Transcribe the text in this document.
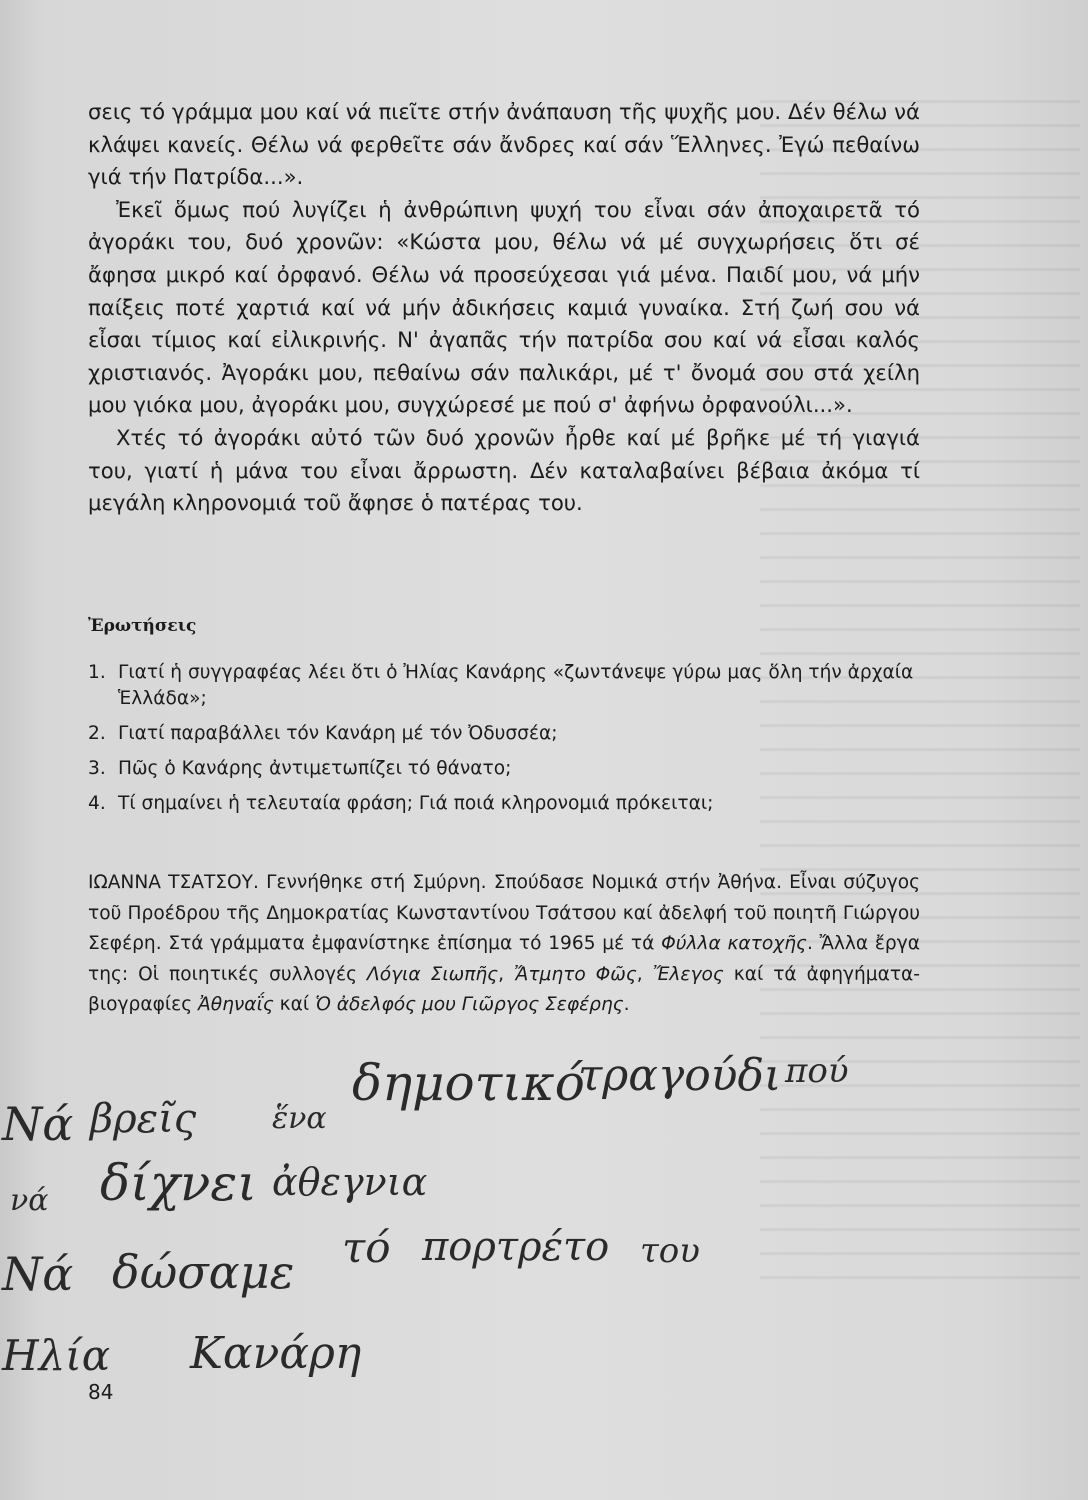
σεις τό γράμμα μου καί νά πιεῖτε στήν ἀνάπαυση τῆς ψυχῆς μου. Δέν θέλω νά κλάψει κανείς. Θέλω νά φερθεῖτε σάν ἄνδρες καί σάν Ἕλληνες. Ἐγώ πεθαίνω γιά τήν Πατρίδα...».

Ἐκεῖ ὅμως πού λυγίζει ἡ ἀνθρώπινη ψυχή του εἶναι σάν ἀποχαιρετᾶ τό ἀγοράκι του, δυό χρονῶν: «Κώστα μου, θέλω νά μέ συγχωρήσεις ὅτι σέ ἄφησα μικρό καί ὀρφανό. Θέλω νά προσεύχεσαι γιά μένα. Παιδί μου, νά μήν παίξεις ποτέ χαρτιά καί νά μήν ἀδικήσεις καμιά γυναίκα. Στή ζωή σου νά εἶσαι τίμιος καί εἰλικρινής. Ν' ἀγαπᾶς τήν πατρίδα σου καί νά εἶσαι καλός χριστιανός. Ἀγοράκι μου, πεθαίνω σάν παλικάρι, μέ τ' ὄνομά σου στά χείλη μου γιόκα μου, ἀγοράκι μου, συγχώρεσέ με πού σ' ἀφήνω ὀρφανούλι...».

Χτές τό ἀγοράκι αὐτό τῶν δυό χρονῶν ἦρθε καί μέ βρῆκε μέ τή γιαγιά του, γιατί ἡ μάνα του εἶναι ἄρρωστη. Δέν καταλαβαίνει βέβαια ἀκόμα τί μεγάλη κληρονομιά τοῦ ἄφησε ὁ πατέρας του.

Ἐρωτήσεις
1. Γιατί ἡ συγγραφέας λέει ὅτι ὁ Ἠλίας Κανάρης «ζωντάνεψε γύρω μας ὅλη τήν ἀρχαία Ἑλλάδα»;
2. Γιατί παραβάλλει τόν Κανάρη μέ τόν Ὀδυσσέα;
3. Πῶς ὁ Κανάρης ἀντιμετωπίζει τό θάνατο;
4. Τί σημαίνει ἡ τελευταία φράση; Γιά ποιά κληρονομιά πρόκειται;
ΙΩΑΝΝΑ ΤΣΑΤΣΟΥ. Γεννήθηκε στή Σμύρνη. Σπούδασε Νομικά στήν Ἀθήνα. Εἶναι σύζυγος τοῦ Προέδρου τῆς Δημοκρατίας Κωνσταντίνου Τσάτσου καί ἀδελφή τοῦ ποιητῆ Γιώργου Σεφέρη. Στά γράμματα ἐμφανίστηκε ἐπίσημα τό 1965 μέ τά Φύλλα κατοχῆς. Ἄλλα ἔργα της: Οἱ ποιητικές συλλογές Λόγια Σιωπῆς, Ἄτμητο Φῶς, Ἔλεγος καί τά ἀφηγήματα-βιογραφίες Ἀθηναΐς καί Ὁ ἀδελφός μου Γιῶργος Σεφέρης.
Νά βρεῖς	ἕνα
δημοτικό
τραγούδι πού
νά δίχνει ἀθεγνια
Νά δώσαμε τό πορτρέτο του
Ηλία Κανάρη
84
